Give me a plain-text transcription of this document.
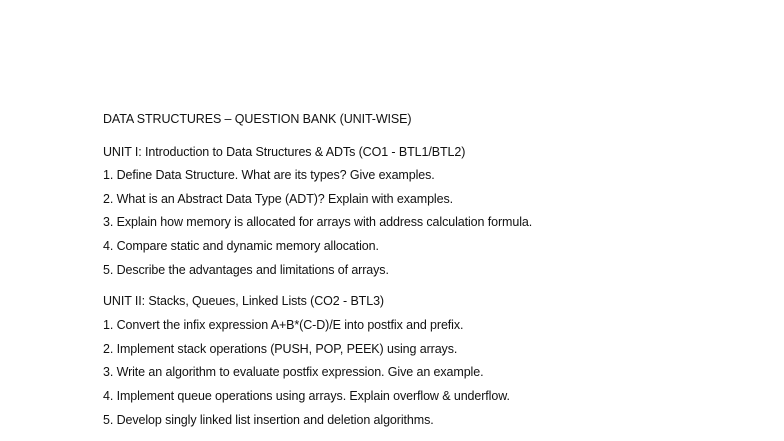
DATA STRUCTURES – QUESTION BANK (UNIT-WISE)
UNIT I: Introduction to Data Structures & ADTs (CO1 - BTL1/BTL2)
1. Define Data Structure. What are its types? Give examples.
2. What is an Abstract Data Type (ADT)? Explain with examples.
3. Explain how memory is allocated for arrays with address calculation formula.
4. Compare static and dynamic memory allocation.
5. Describe the advantages and limitations of arrays.
UNIT II: Stacks, Queues, Linked Lists (CO2 - BTL3)
1. Convert the infix expression A+B*(C-D)/E into postfix and prefix.
2. Implement stack operations (PUSH, POP, PEEK) using arrays.
3. Write an algorithm to evaluate postfix expression. Give an example.
4. Implement queue operations using arrays. Explain overflow & underflow.
5. Develop singly linked list insertion and deletion algorithms.
